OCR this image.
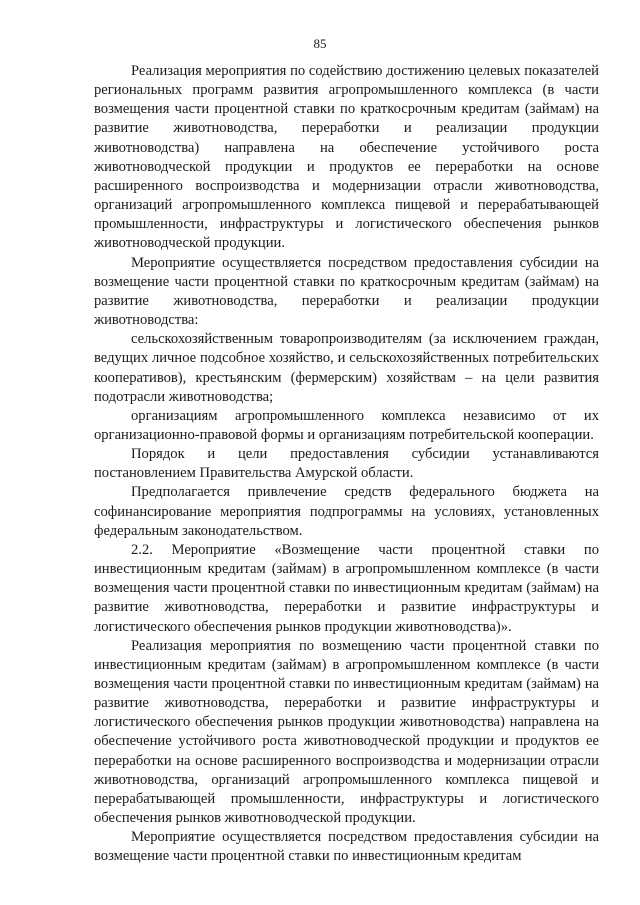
85

Реализация мероприятия по содействию достижению целевых показателей региональных программ развития агропромышленного комплекса (в части возмещения части процентной ставки по краткосрочным кредитам (займам) на развитие животноводства, переработки и реализации продукции животноводства) направлена на обеспечение устойчивого роста животноводческой продукции и продуктов ее переработки на основе расширенного воспроизводства и модернизации отрасли животноводства, организаций агропромышленного комплекса пищевой и перерабатывающей промышленности, инфраструктуры и логистического обеспечения рынков животноводческой продукции.

Мероприятие осуществляется посредством предоставления субсидии на возмещение части процентной ставки по краткосрочным кредитам (займам) на развитие животноводства, переработки и реализации продукции животноводства:

сельскохозяйственным товаропроизводителям (за исключением граждан, ведущих личное подсобное хозяйство, и сельскохозяйственных потребительских кооперативов), крестьянским (фермерским) хозяйствам – на цели развития подотрасли животноводства;

организациям агропромышленного комплекса независимо от их организационно-правовой формы и организациям потребительской кооперации.

Порядок и цели предоставления субсидии устанавливаются постановлением Правительства Амурской области.

Предполагается привлечение средств федерального бюджета на софинансирование мероприятия подпрограммы на условиях, установленных федеральным законодательством.

2.2. Мероприятие «Возмещение части процентной ставки по инвестиционным кредитам (займам) в агропромышленном комплексе (в части возмещения части процентной ставки по инвестиционным кредитам (займам) на развитие животноводства, переработки и развитие инфраструктуры и логистического обеспечения рынков продукции животноводства)».

Реализация мероприятия по возмещению части процентной ставки по инвестиционным кредитам (займам) в агропромышленном комплексе (в части возмещения части процентной ставки по инвестиционным кредитам (займам) на развитие животноводства, переработки и развитие инфраструктуры и логистического обеспечения рынков продукции животноводства) направлена на обеспечение устойчивого роста животноводческой продукции и продуктов ее переработки на основе расширенного воспроизводства и модернизации отрасли животноводства, организаций агропромышленного комплекса пищевой и перерабатывающей промышленности, инфраструктуры и логистического обеспечения рынков животноводческой продукции.

Мероприятие осуществляется посредством предоставления субсидии на возмещение части процентной ставки по инвестиционным кредитам
